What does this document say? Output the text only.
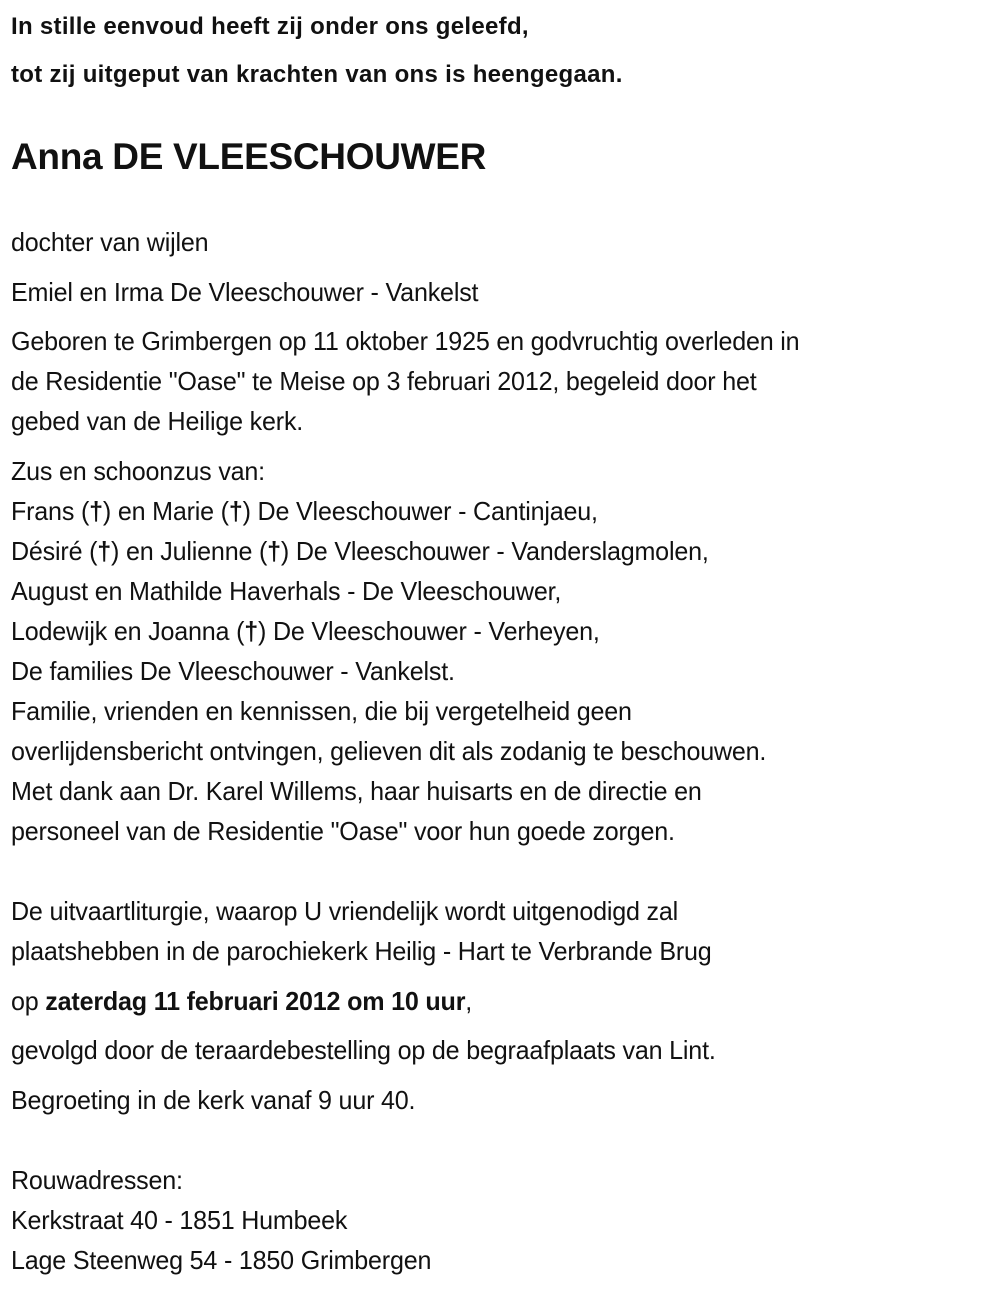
In stille eenvoud heeft zij onder ons geleefd,
tot zij uitgeput van krachten van ons is heengegaan.
Anna DE VLEESCHOUWER
dochter van wijlen
Emiel en Irma De Vleeschouwer - Vankelst
Geboren te Grimbergen op 11 oktober 1925 en godvruchtig overleden in
de Residentie "Oase" te Meise op 3 februari 2012, begeleid door het
gebed van de Heilige kerk.
Zus en schoonzus van:
Frans (†) en Marie (†) De Vleeschouwer - Cantinjaeu,
Désiré (†) en Julienne (†) De Vleeschouwer - Vanderslagmolen,
August en Mathilde Haverhals - De Vleeschouwer,
Lodewijk en Joanna (†) De Vleeschouwer - Verheyen,
De families De Vleeschouwer - Vankelst.
Familie, vrienden en kennissen, die bij vergetelheid geen
overlijdensbericht ontvingen, gelieven dit als zodanig te beschouwen.
Met dank aan Dr. Karel Willems, haar huisarts en de directie en
personeel van de Residentie "Oase" voor hun goede zorgen.
De uitvaartliturgie, waarop U vriendelijk wordt uitgenodigd zal
plaatshebben in de parochiekerk Heilig - Hart te Verbrande Brug
op zaterdag 11 februari 2012 om 10 uur,
gevolgd door de teraardebestelling op de begraafplaats van Lint.
Begroeting in de kerk vanaf 9 uur 40.
Rouwadressen:
Kerkstraat 40 - 1851 Humbeek
Lage Steenweg 54 - 1850 Grimbergen
